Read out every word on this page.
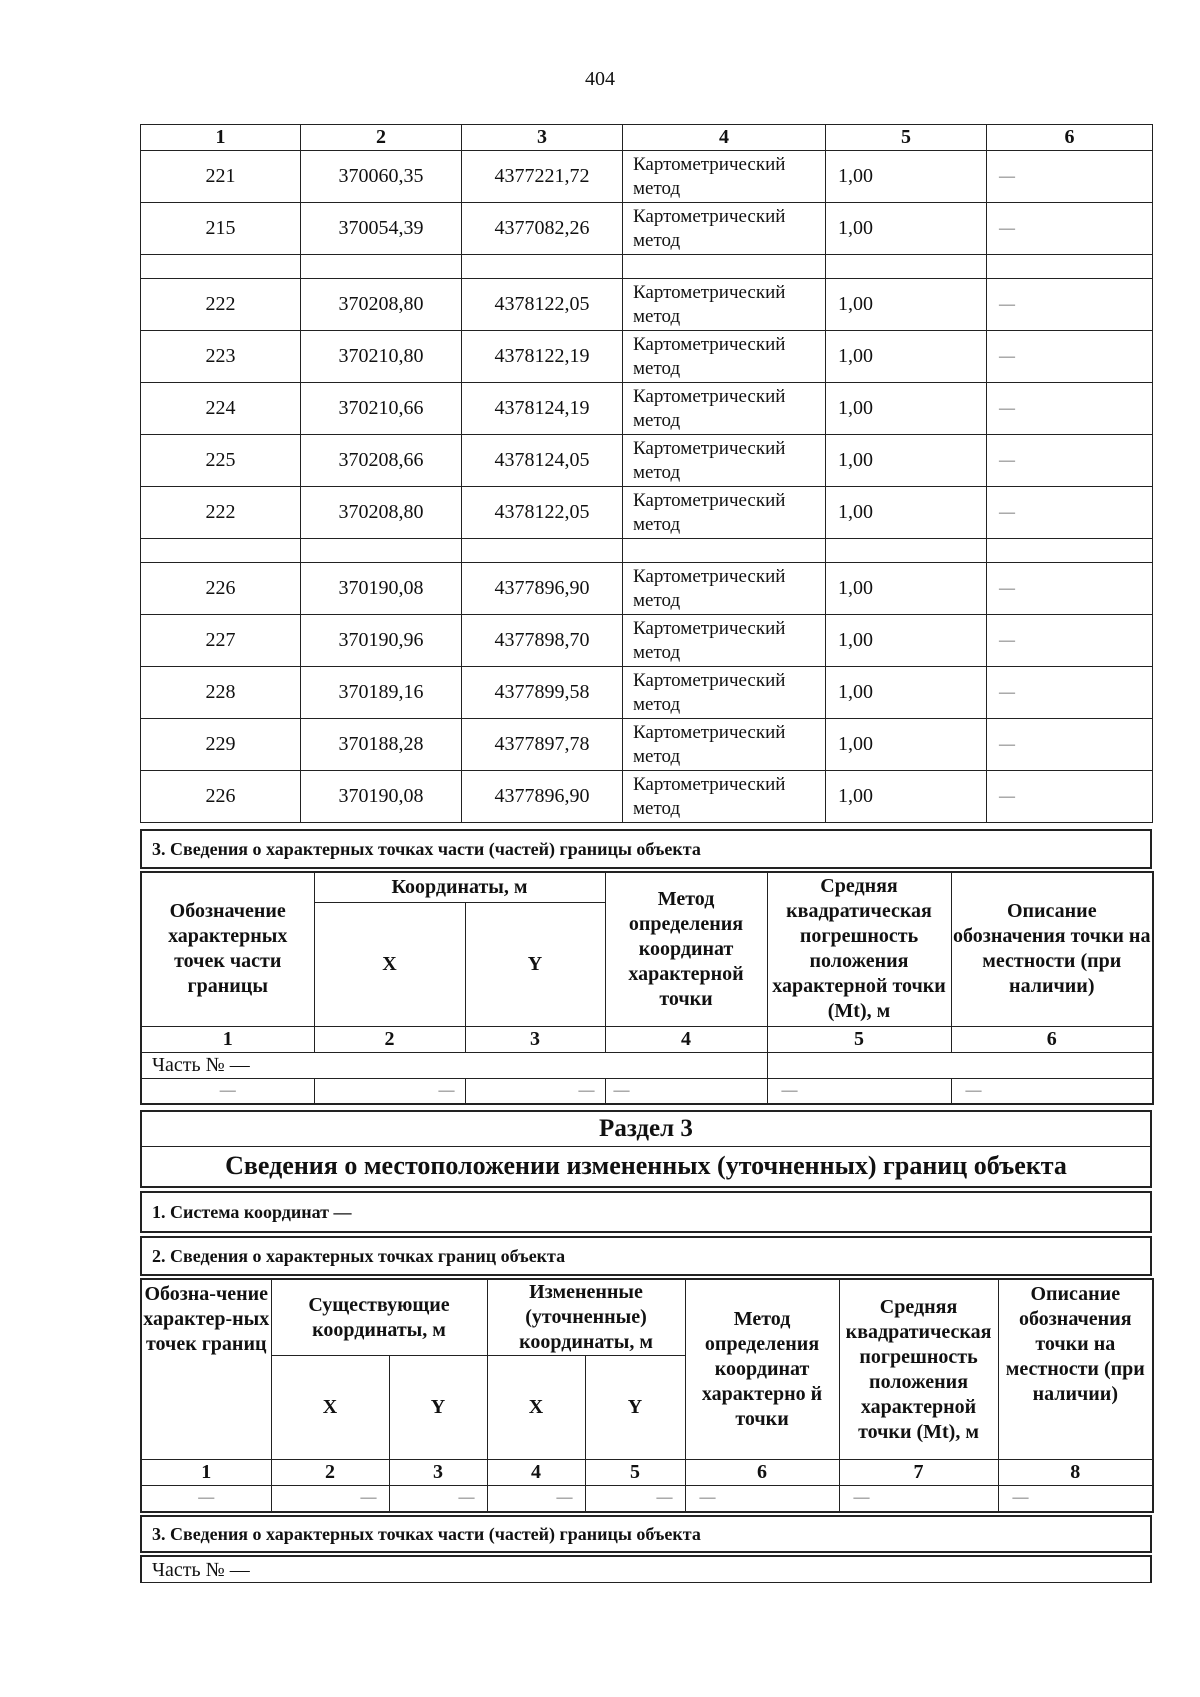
404
1	2	3	4	5	6
221	370060,35	4377221,72	Картометрический метод	1,00	—
215	370054,39	4377082,26	Картометрический метод	1,00	—

222	370208,80	4378122,05	Картометрический метод	1,00	—
223	370210,80	4378122,19	Картометрический метод	1,00	—
224	370210,66	4378124,19	Картометрический метод	1,00	—
225	370208,66	4378124,05	Картометрический метод	1,00	—
222	370208,80	4378122,05	Картометрический метод	1,00	—

226	370190,08	4377896,90	Картометрический метод	1,00	—
227	370190,96	4377898,70	Картометрический метод	1,00	—
228	370189,16	4377899,58	Картометрический метод	1,00	—
229	370188,28	4377897,78	Картометрический метод	1,00	—
226	370190,08	4377896,90	Картометрический метод	1,00	—
3. Сведения о характерных точках части (частей) границы объекта
Обозначение характерных точек части границы	Координаты, м		Метод определения координат характерной точки	Средняя квадратическая погрешность положения характерной точки (Mt), м	Описание обозначения точки на местности (при наличии)
	X	Y			
1	2	3	4	5	6
Часть № —					
—	—	—	—	—	—
Раздел 3
Сведения о местоположении измененных (уточненных) границ объекта
1. Система координат —
2. Сведения о характерных точках границ объекта
Обозна-чение характер-ных точек границ	Существующие координаты, м		Измененные (уточненные) координаты, м		Метод определения координат характерно й точки	Средняя квадратическая погрешность положения характерной точки (Mt), м	Описание обозначения точки на местности (при наличии)
	X	Y	X	Y			
1	2	3	4	5	6	7	8
—	—	—	—	—	—	—	—
3. Сведения о характерных точках части (частей) границы объекта
Часть № —
